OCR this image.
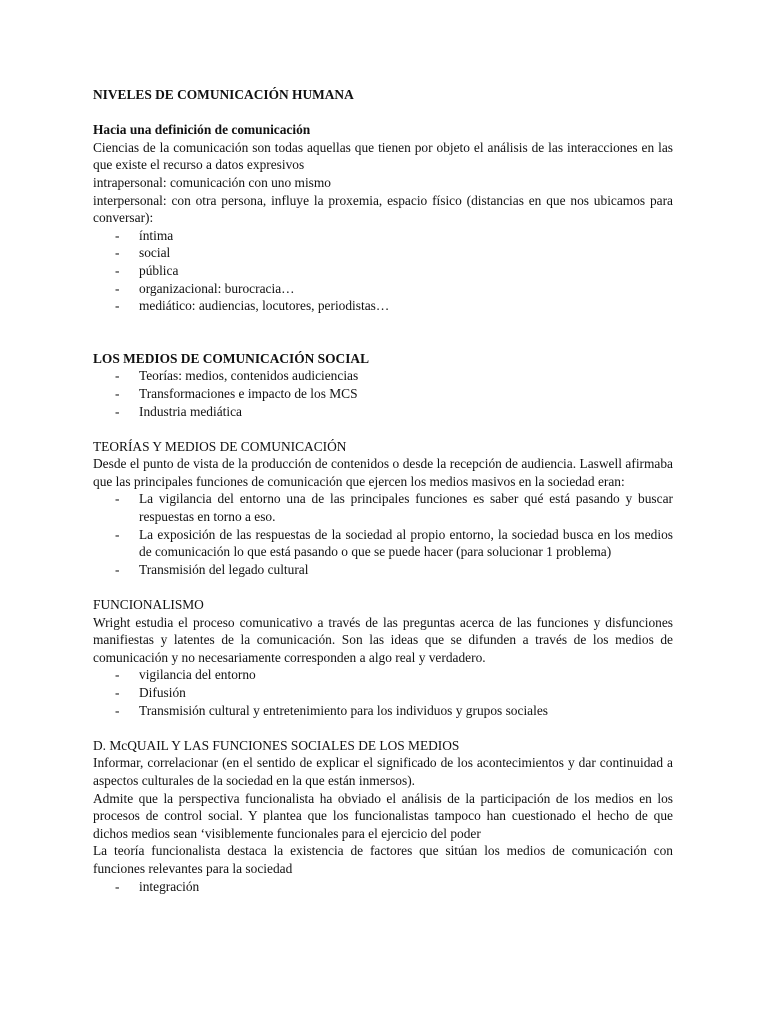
NIVELES DE COMUNICACIÓN HUMANA

Hacia una definición de comunicación

Ciencias de la comunicación son todas aquellas que tienen por objeto el análisis de las interacciones en las que existe el recurso a datos expresivos

intrapersonal: comunicación con uno mismo

interpersonal: con otra persona, influye la proxemia, espacio físico (distancias en que nos ubicamos para conversar):

- íntima
- social
- pública
- organizacional: burocracia…
- mediático: audiencias, locutores, periodistas…

LOS MEDIOS DE COMUNICACIÓN SOCIAL

- Teorías: medios, contenidos audiciencias
- Transformaciones e impacto de los MCS
- Industria mediática

TEORÍAS Y MEDIOS DE COMUNICACIÓN

Desde el punto de vista de la producción de contenidos o desde la recepción de audiencia. Laswell afirmaba que las principales funciones de comunicación que ejercen los medios masivos en la sociedad eran:

- La vigilancia del entorno una de las principales funciones es saber qué está pasando y buscar respuestas en torno a eso.
- La exposición de las respuestas de la sociedad al propio entorno, la sociedad busca en los medios de comunicación lo que está pasando o que se puede hacer (para solucionar 1 problema)
- Transmisión del legado cultural

FUNCIONALISMO

Wright estudia el proceso comunicativo a través de las preguntas acerca de las funciones y disfunciones manifiestas y latentes de la comunicación. Son las ideas que se difunden a través de los medios de comunicación y no necesariamente corresponden a algo real y verdadero.

- vigilancia del entorno
- Difusión
- Transmisión cultural y entretenimiento para los individuos y grupos sociales

D. McQUAIL Y LAS FUNCIONES SOCIALES DE LOS MEDIOS

Informar, correlacionar (en el sentido de explicar el significado de los acontecimientos y dar continuidad a aspectos culturales de la sociedad en la que están inmersos).

Admite que la perspectiva funcionalista ha obviado el análisis de la participación de los medios en los procesos de control social. Y plantea que los funcionalistas tampoco han cuestionado el hecho de que dichos medios sean ‘visiblemente funcionales para el ejercicio del poder

La teoría funcionalista destaca la existencia de factores que sitúan los medios de comunicación con funciones relevantes para la sociedad

- integración
